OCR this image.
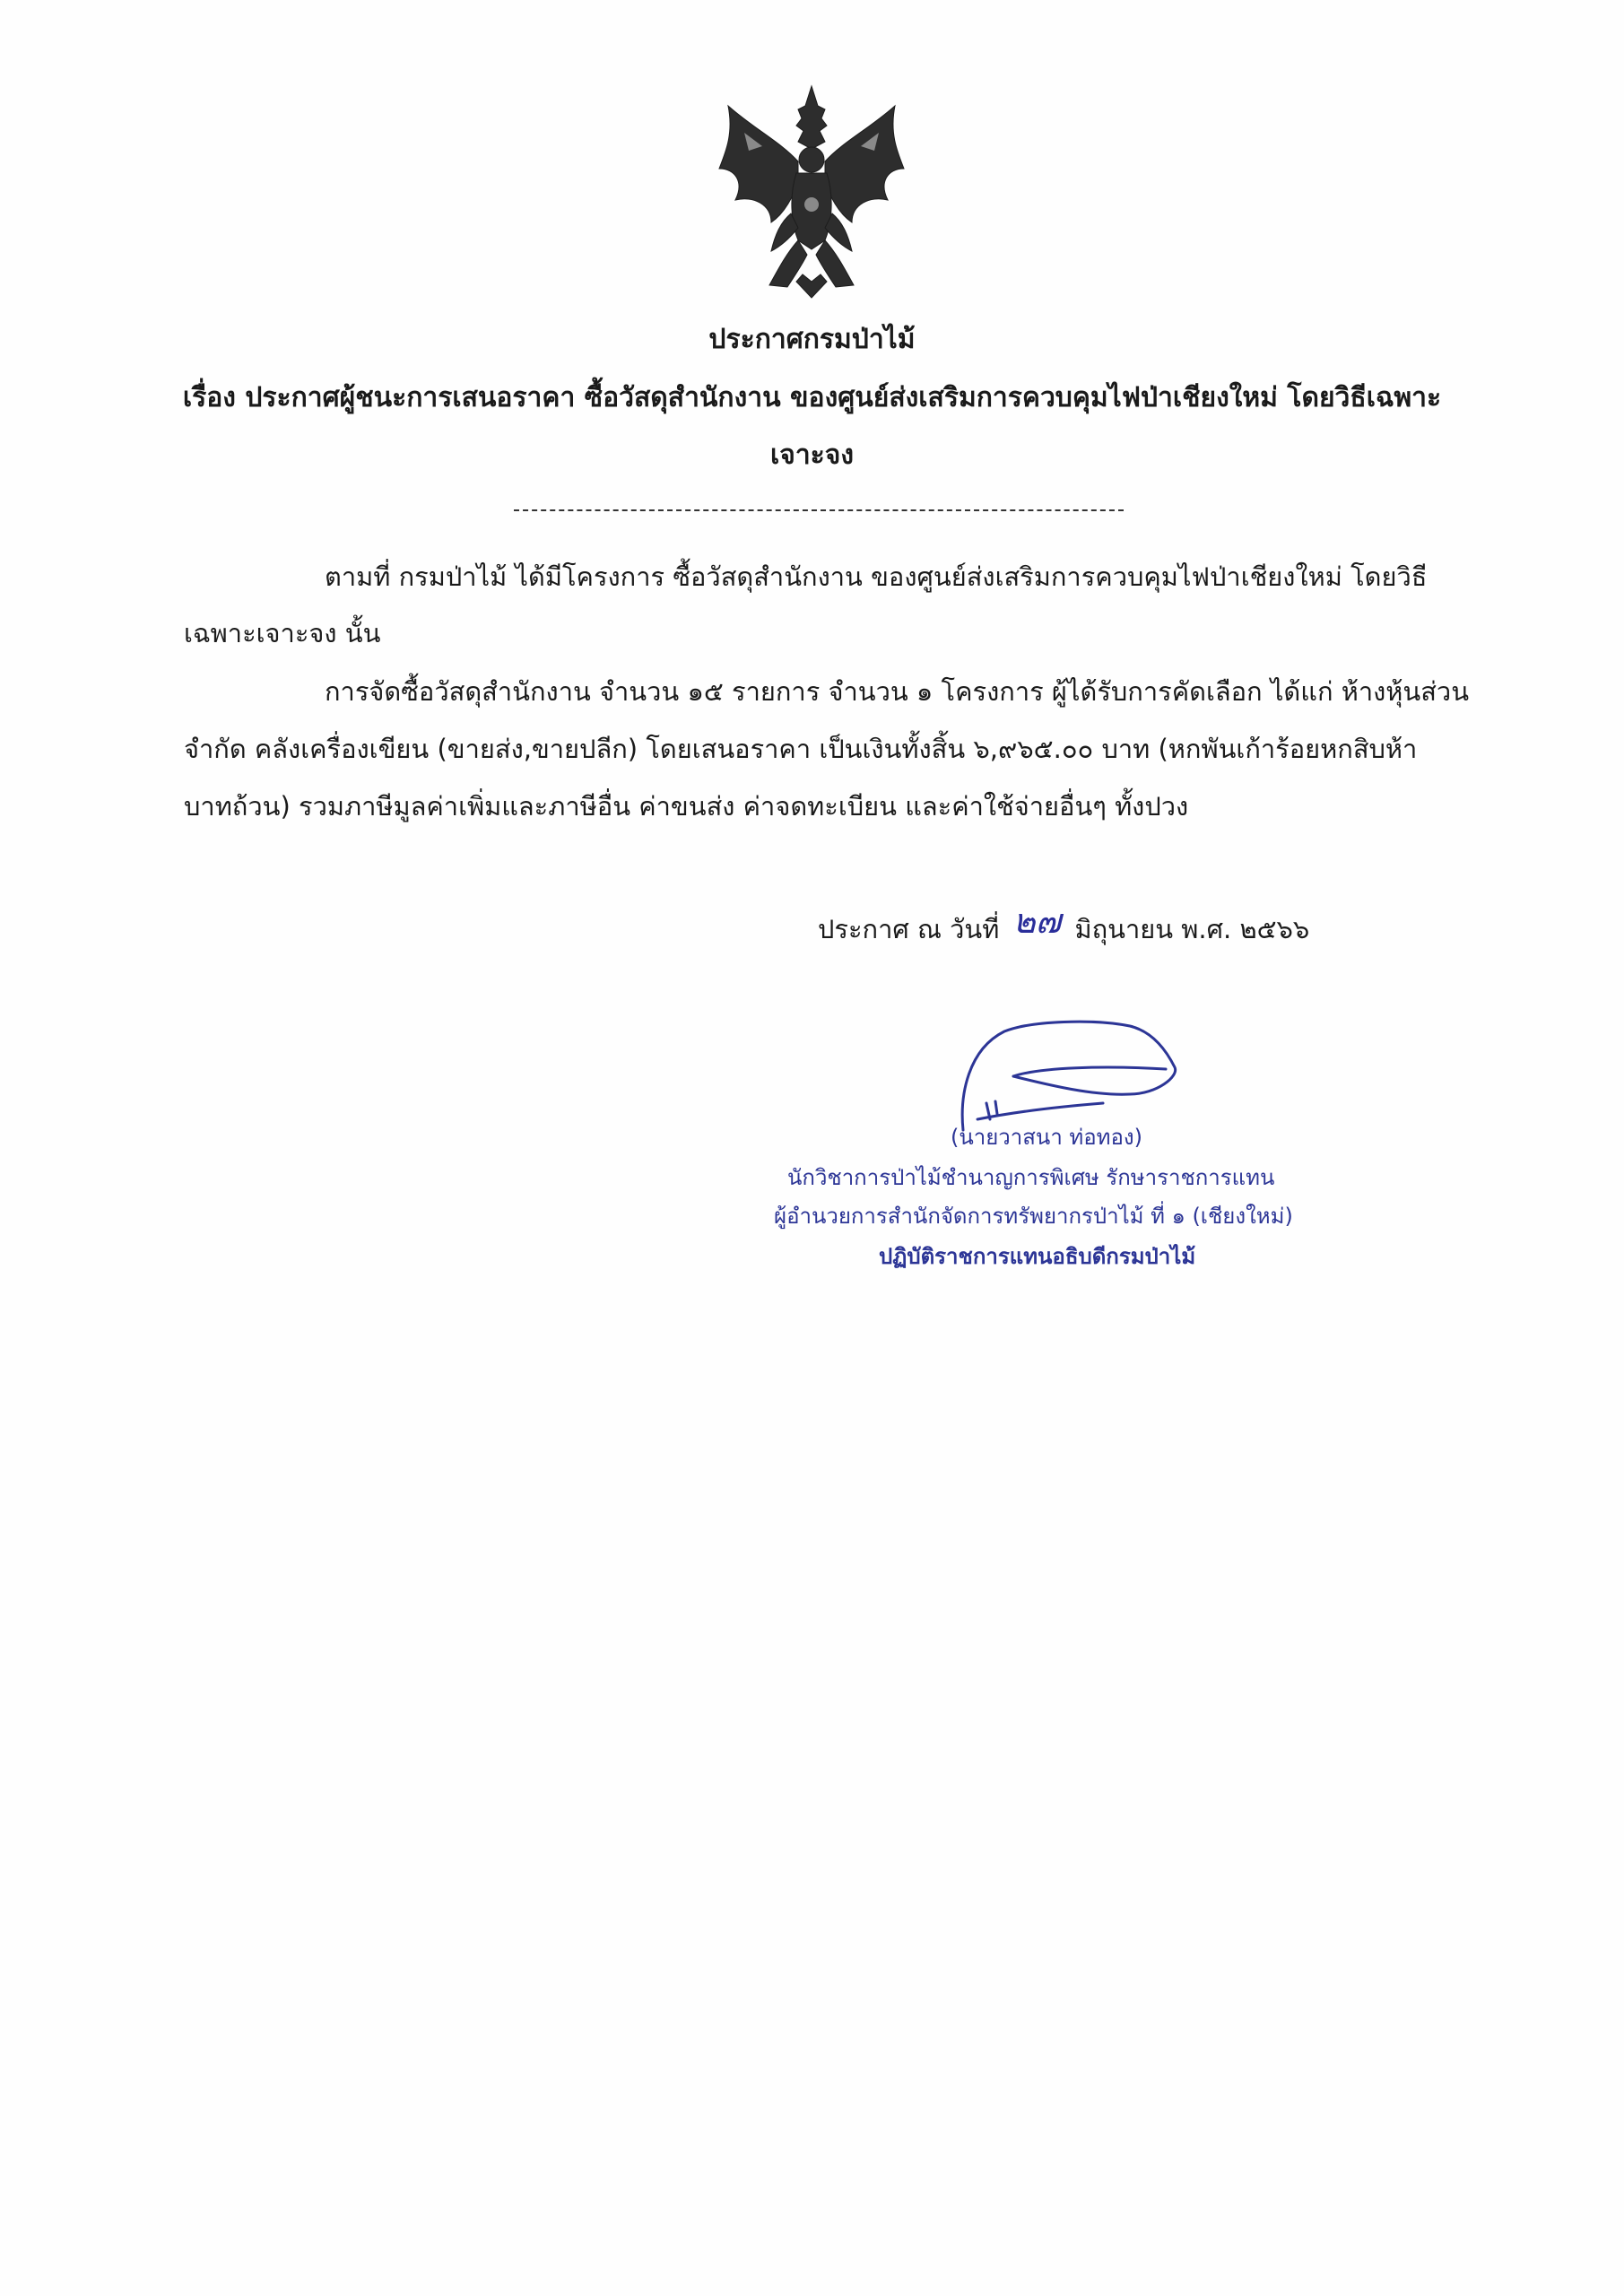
ประกาศกรมป่าไม้
เรื่อง ประกาศผู้ชนะการเสนอราคา ซื้อวัสดุสำนักงาน ของศูนย์ส่งเสริมการควบคุมไฟป่าเชียงใหม่ โดยวิธีเฉพาะ
เจาะจง
ตามที่ กรมป่าไม้ ได้มีโครงการ ซื้อวัสดุสำนักงาน ของศูนย์ส่งเสริมการควบคุมไฟป่าเชียงใหม่ โดยวิธี
เฉพาะเจาะจง นั้น
การจัดซื้อวัสดุสำนักงาน จำนวน ๑๕ รายการ จำนวน ๑ โครงการ ผู้ได้รับการคัดเลือก ได้แก่ ห้างหุ้นส่วน
จำกัด คลังเครื่องเขียน (ขายส่ง,ขายปลีก) โดยเสนอราคา เป็นเงินทั้งสิ้น ๖,๙๖๕.๐๐ บาท (หกพันเก้าร้อยหกสิบห้า
บาทถ้วน) รวมภาษีมูลค่าเพิ่มและภาษีอื่น ค่าขนส่ง ค่าจดทะเบียน และค่าใช้จ่ายอื่นๆ ทั้งปวง
ประกาศ ณ วันที่ ๒๗ มิถุนายน พ.ศ. ๒๕๖๖
(นายวาสนา ท่อทอง)
นักวิชาการป่าไม้ชำนาญการพิเศษ รักษาราชการแทน
ผู้อำนวยการสำนักจัดการทรัพยากรป่าไม้ ที่ ๑ (เชียงใหม่)
ปฏิบัติราชการแทนอธิบดีกรมป่าไม้
